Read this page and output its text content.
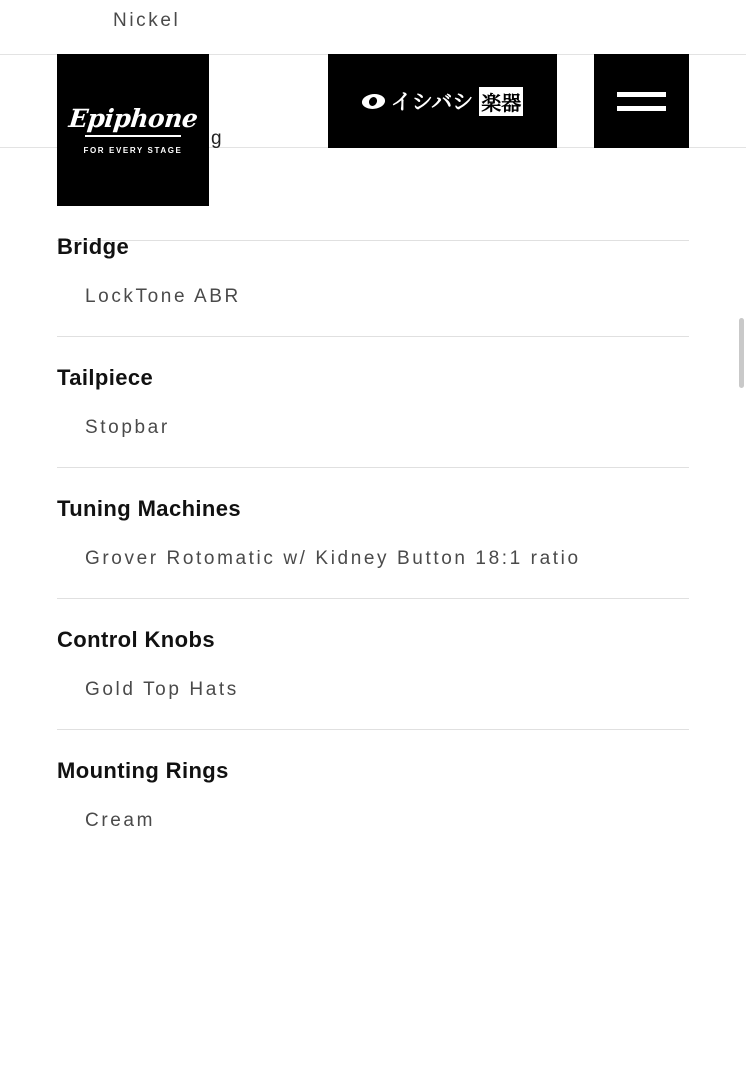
Nickel
g
Epiphone
FOR EVERY STAGE
イシバシ 楽器
Bridge
LockTone ABR
Tailpiece
Stopbar
Tuning Machines
Grover Rotomatic w/ Kidney Button 18:1 ratio
Control Knobs
Gold Top Hats
Mounting Rings
Cream
